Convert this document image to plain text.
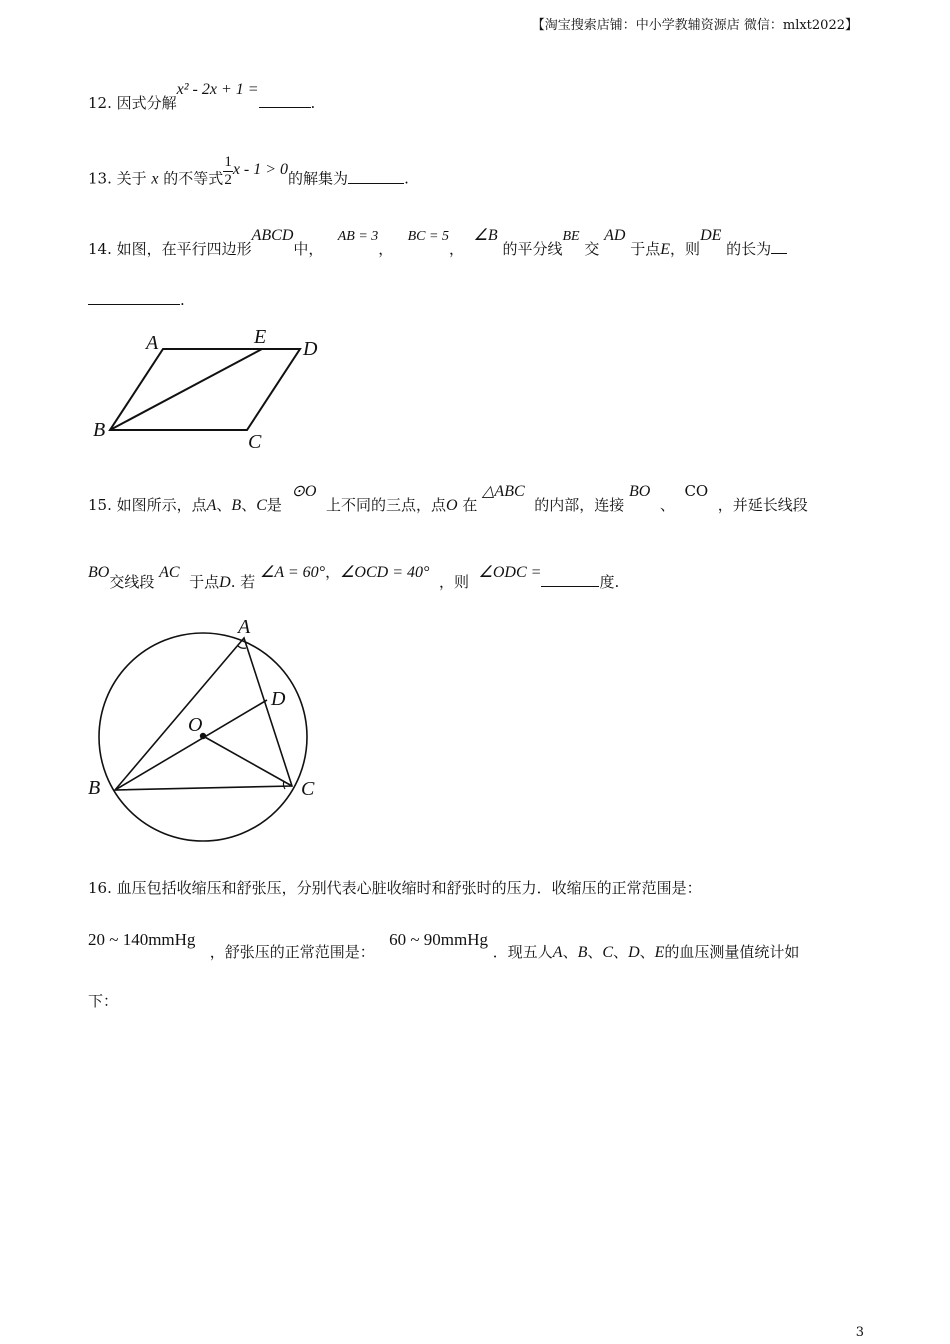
【淘宝搜索店铺：中小学教辅资源店 微信：mlxt2022】
12. 因式分解x² - 2x + 1 =.
13. 关于 x 的不等式 $\frac{1}{2}$ x - 1 > 0的解集为	.
14. 如图，在平行四边形ABCD中，   AB = 3，   BC = 5，  ∠B 的平分线BE 交 AD 于点E，则DE 的长为
.
A	E
D
B
C
15. 如图所示，点A、B、C是  ⊙O  上不同的三点，点O 在 △ABC  的内部，连接 BO  、  CO  ，并延长线段
BO交线段 AC  于点D. 若 ∠A = 60°，∠OCD = 40°  ，则  ∠ODC =度.
A
D
O
B	C
16. 血压包括收缩压和舒张压，分别代表心脏收缩时和舒张时的压力．收缩压的正常范围是：
20 ~ 140mmHg   ，舒张压的正常范围是：   60 ~ 90mmHg ．现五人A、B、C、D、E的血压测量值统计如
下：
3
